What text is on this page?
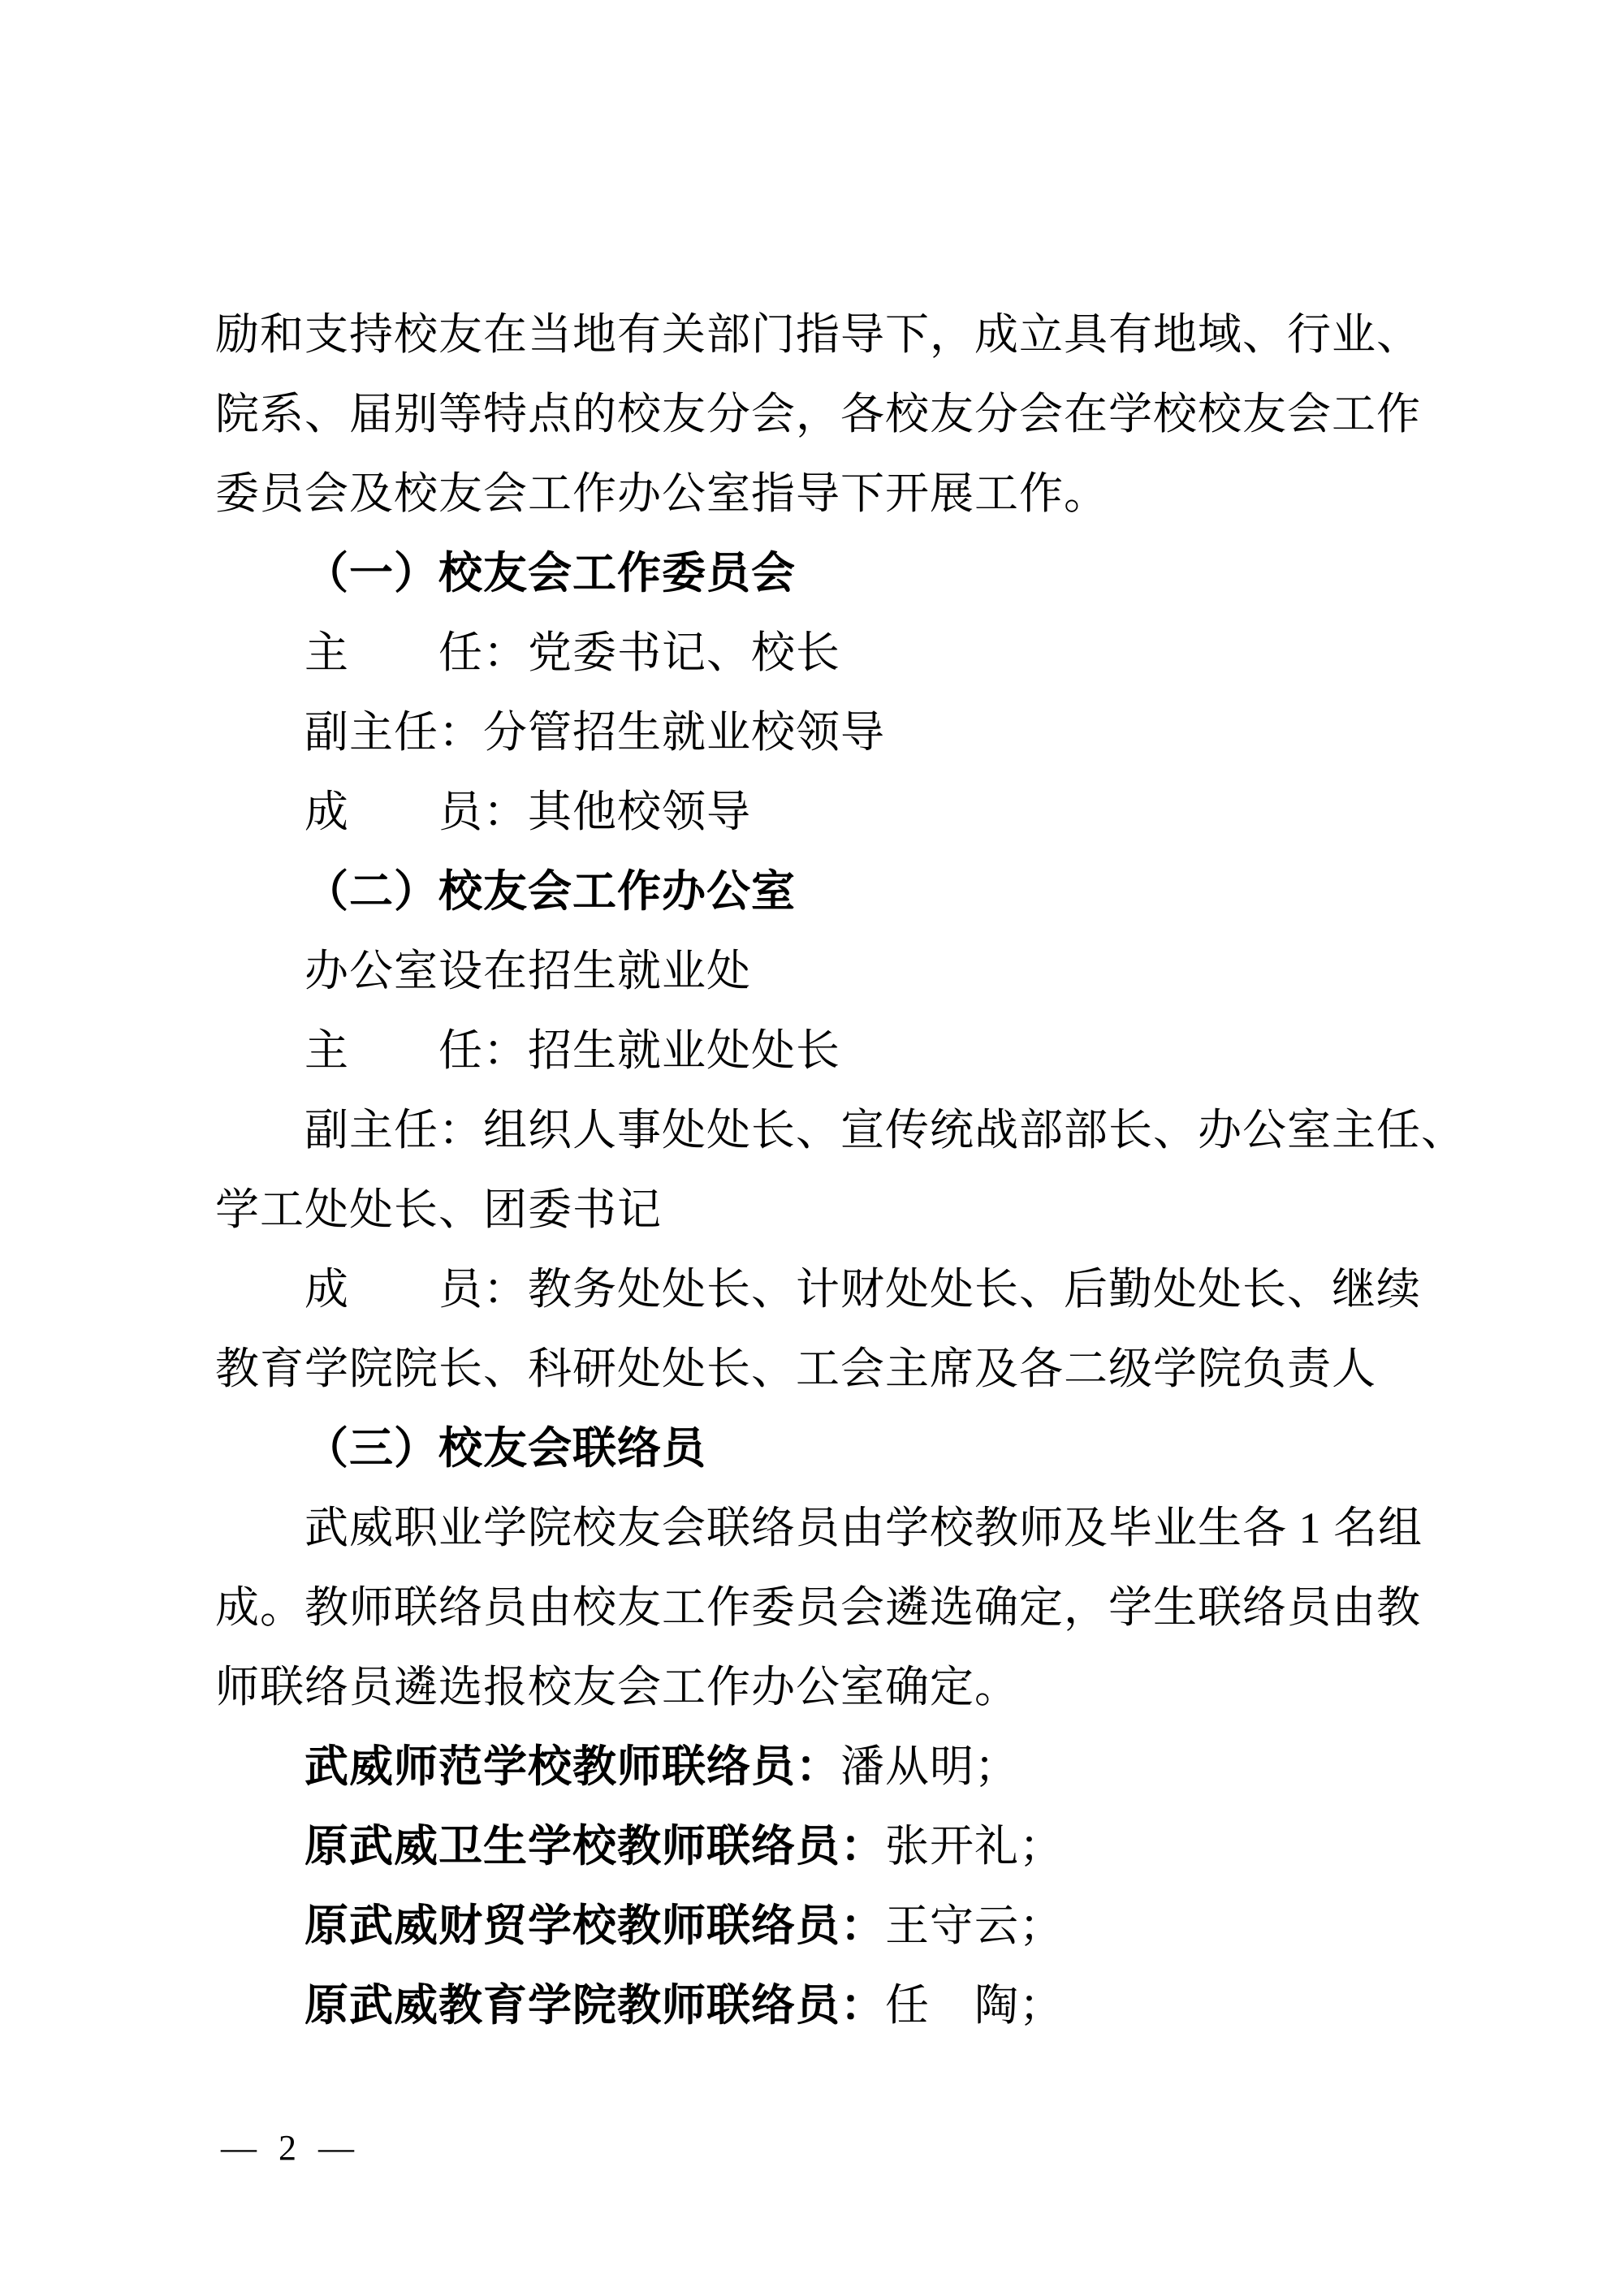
励和支持校友在当地有关部门指导下，成立具有地域、行业、
院系、届别等特点的校友分会，各校友分会在学校校友会工作
委员会及校友会工作办公室指导下开展工作。
（一）校友会工作委员会
主　　任：党委书记、校长
副主任：分管招生就业校领导
成　　员：其他校领导
（二）校友会工作办公室
办公室设在招生就业处
主　　任：招生就业处处长
副主任：组织人事处处长、宣传统战部部长、办公室主任、
学工处处长、团委书记
成　　员：教务处处长、计财处处长、后勤处处长、继续
教育学院院长、科研处处长、工会主席及各二级学院负责人
（三）校友会联络员
武威职业学院校友会联络员由学校教师及毕业生各 1 名组
成。教师联络员由校友工作委员会遴选确定，学生联络员由教
师联络员遴选报校友会工作办公室确定。
武威师范学校教师联络员：潘从明；
原武威卫生学校教师联络员：张开礼；
原武威财贸学校教师联络员：王守云；
原武威教育学院教师联络员：任　陶；
— 2 —
